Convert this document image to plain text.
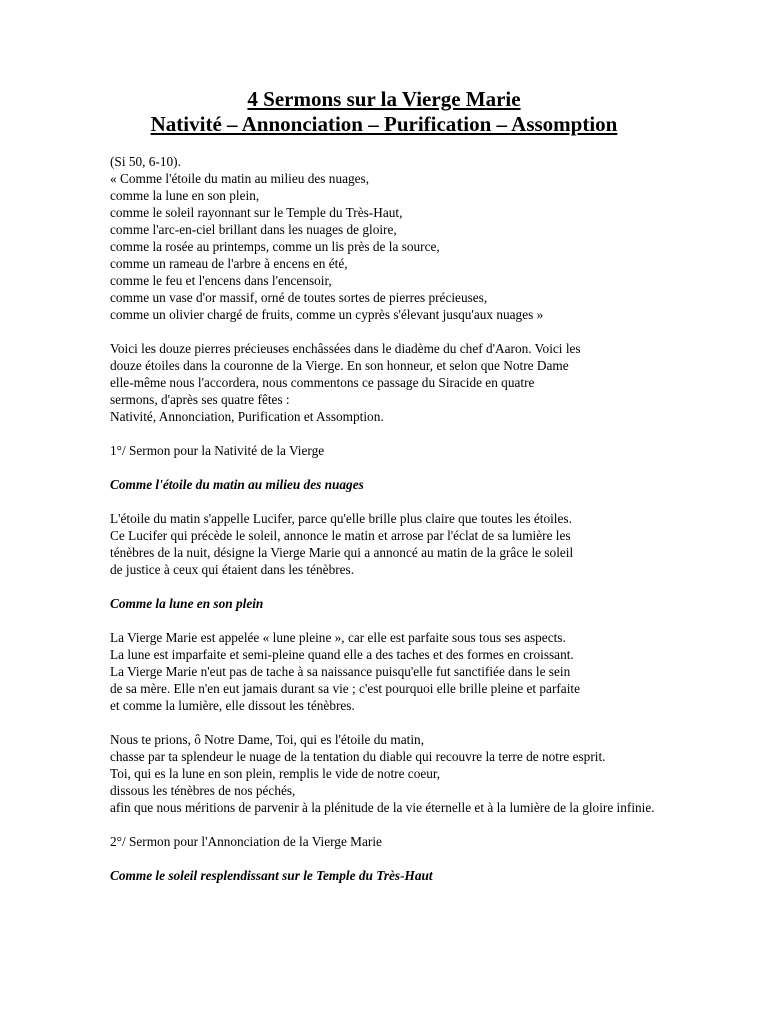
4 Sermons sur la Vierge Marie

Nativité – Annonciation – Purification – Assomption

(Si 50, 6-10).
« Comme l'étoile du matin au milieu des nuages,
comme la lune en son plein,
comme le soleil rayonnant sur le Temple du Très-Haut,
comme l'arc-en-ciel brillant dans les nuages de gloire,
comme la rosée au printemps, comme un lis près de la source,
comme un rameau de l'arbre à encens en été,
comme le feu et l'encens dans l'encensoir,
comme un vase d'or massif, orné de toutes sortes de pierres précieuses,
comme un olivier chargé de fruits, comme un cyprès s'élevant jusqu'aux nuages »
Voici les douze pierres précieuses enchâssées dans le diadème du chef d'Aaron. Voici les
douze étoiles dans la couronne de la Vierge. En son honneur, et selon que Notre Dame
elle-même nous l'accordera, nous commentons ce passage du Siracide en quatre
sermons, d'après ses quatre fêtes :
Nativité, Annonciation, Purification et Assomption.
1°/ Sermon pour la Nativité de la Vierge
Comme l'étoile du matin au milieu des nuages
L'étoile du matin s'appelle Lucifer, parce qu'elle brille plus claire que toutes les étoiles.
Ce Lucifer qui précède le soleil, annonce le matin et arrose par l'éclat de sa lumière les
ténèbres de la nuit, désigne la Vierge Marie qui a annoncé au matin de la grâce le soleil
de justice à ceux qui étaient dans les ténèbres.
Comme la lune en son plein
La Vierge Marie est appelée « lune pleine », car elle est parfaite sous tous ses aspects.
La lune est imparfaite et semi-pleine quand elle a des taches et des formes en croissant.
La Vierge Marie n'eut pas de tache à sa naissance puisqu'elle fut sanctifiée dans le sein
de sa mère. Elle n'en eut jamais durant sa vie ; c'est pourquoi elle brille pleine et parfaite
et comme la lumière, elle dissout les ténèbres.
Nous te prions, ô Notre Dame, Toi, qui es l'étoile du matin,
chasse par ta splendeur le nuage de la tentation du diable qui recouvre la terre de notre esprit.
Toi, qui es la lune en son plein, remplis le vide de notre coeur,
dissous les ténèbres de nos péchés,
afin que nous méritions de parvenir à la plénitude de la vie éternelle et à la lumière de la gloire infinie.
2°/ Sermon pour l'Annonciation de la Vierge Marie
Comme le soleil resplendissant sur le Temple du Très-Haut
